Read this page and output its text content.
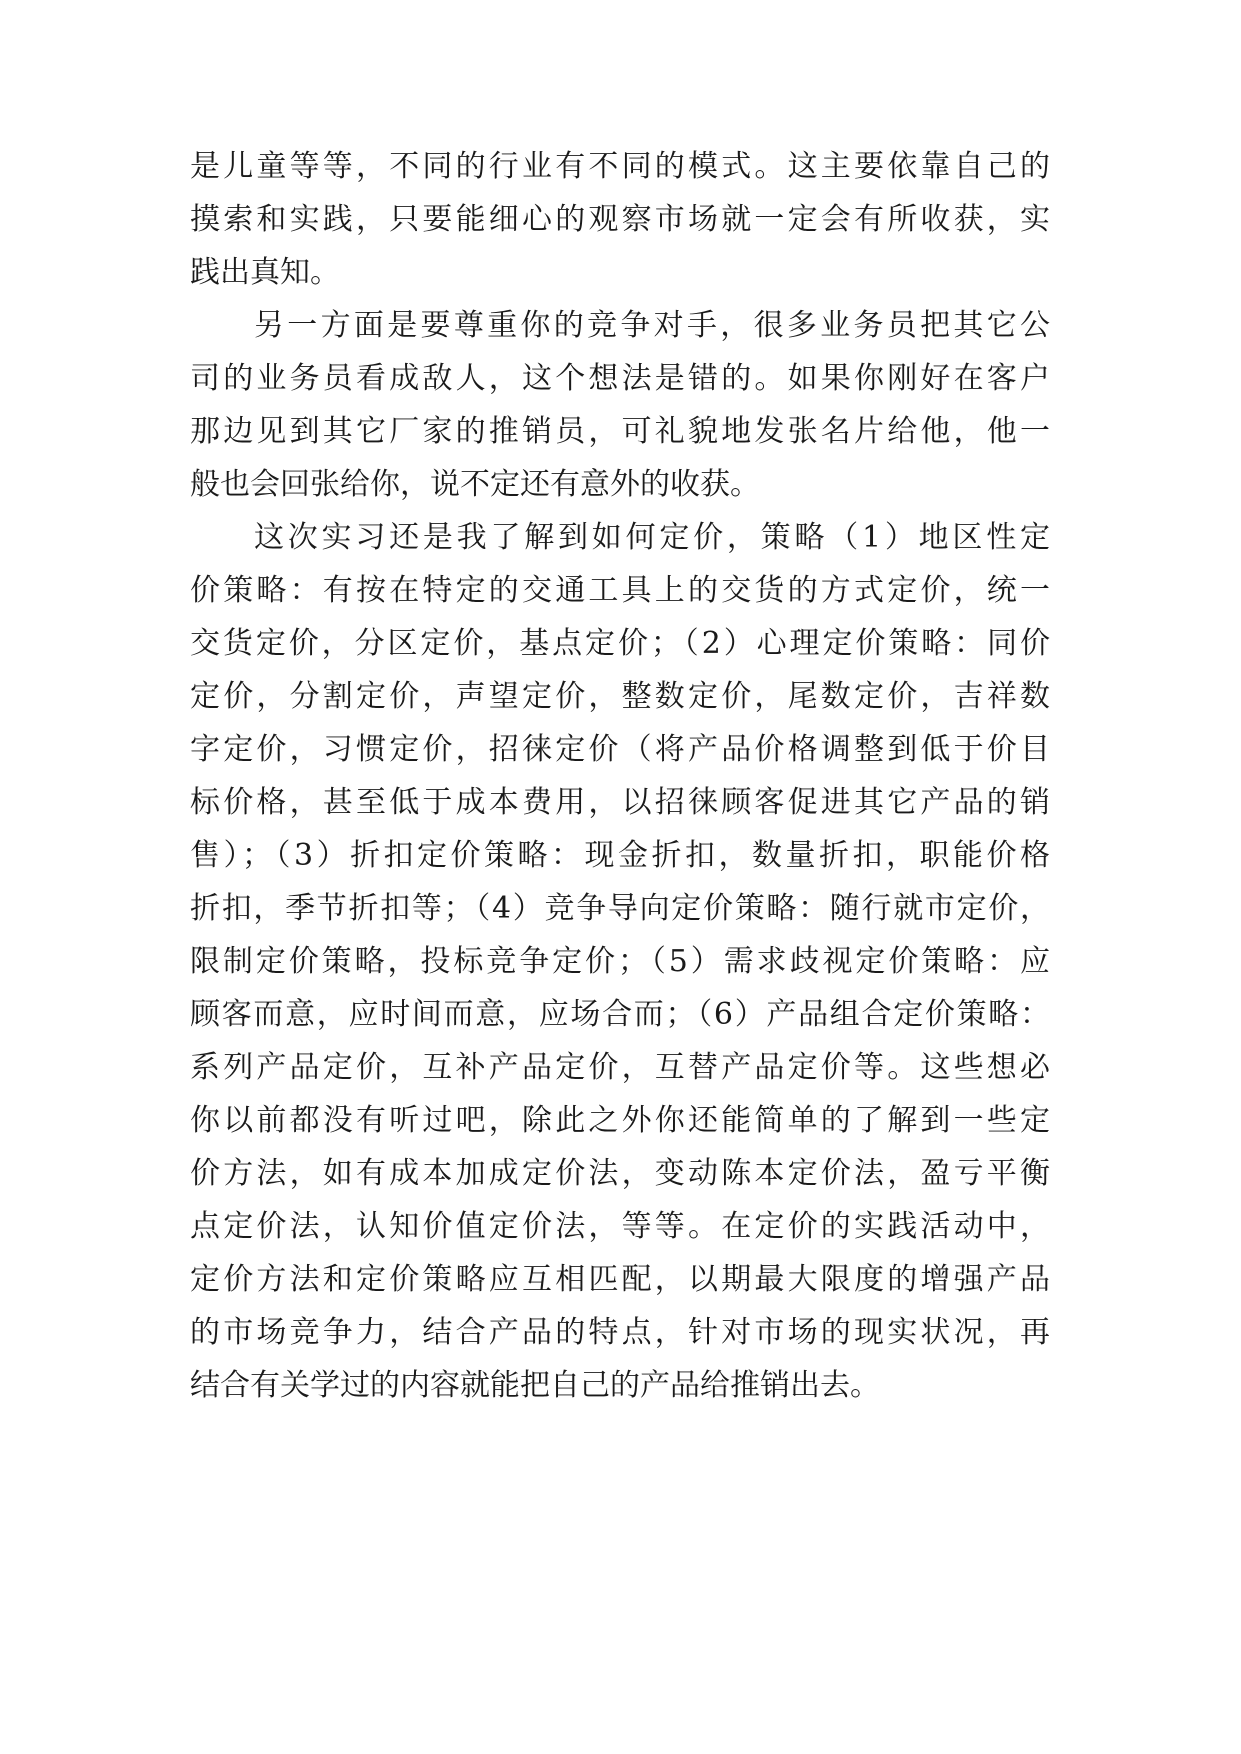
是儿童等等，不同的行业有不同的模式。这主要依靠自己的
摸索和实践，只要能细心的观察市场就一定会有所收获，实
践出真知。
另一方面是要尊重你的竞争对手，很多业务员把其它公
司的业务员看成敌人，这个想法是错的。如果你刚好在客户
那边见到其它厂家的推销员，可礼貌地发张名片给他，他一
般也会回张给你，说不定还有意外的收获。
这次实习还是我了解到如何定价，策略（1）地区性定
价策略：有按在特定的交通工具上的交货的方式定价，统一
交货定价，分区定价，基点定价；（2）心理定价策略：同价
定价，分割定价，声望定价，整数定价，尾数定价，吉祥数
字定价，习惯定价，招徕定价（将产品价格调整到低于价目
标价格，甚至低于成本费用，以招徕顾客促进其它产品的销
售）；（3）折扣定价策略：现金折扣，数量折扣，职能价格
折扣，季节折扣等；（4）竞争导向定价策略：随行就市定价，
限制定价策略，投标竞争定价；（5）需求歧视定价策略：应
顾客而意，应时间而意，应场合而；（6）产品组合定价策略：
系列产品定价，互补产品定价，互替产品定价等。这些想必
你以前都没有听过吧，除此之外你还能简单的了解到一些定
价方法，如有成本加成定价法，变动陈本定价法，盈亏平衡
点定价法，认知价值定价法，等等。在定价的实践活动中，
定价方法和定价策略应互相匹配，以期最大限度的增强产品
的市场竞争力，结合产品的特点，针对市场的现实状况，再
结合有关学过的内容就能把自己的产品给推销出去。
